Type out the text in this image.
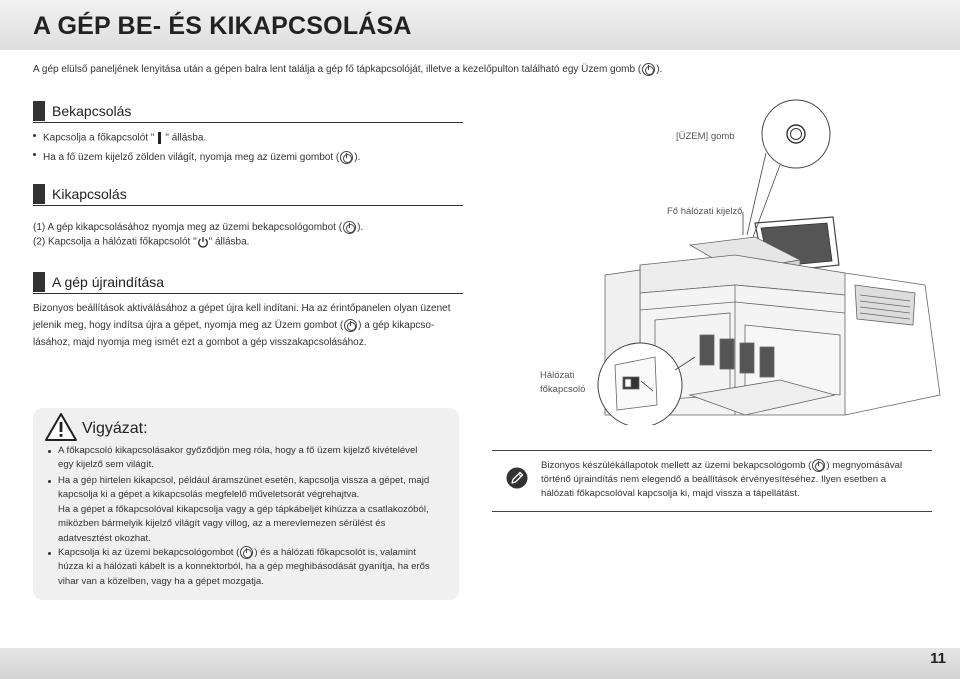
A GÉP BE- ÉS KIKAPCSOLÁSA
A gép elülső paneljének lenyitása után a gépen balra lent találja a gép fő tápkapcsolóját, illetve a kezelőpulton található egy Üzem gomb ( ).
Bekapcsolás
Kapcsolja a főkapcsolót " " állásba.
Ha a fő üzem kijelző zölden világít, nyomja meg az üzemi gombot ( ).
Kikapcsolás
(1) A gép kikapcsolásához nyomja meg az üzemi bekapcsológombot ( ).
(2) Kapcsolja a hálózati főkapcsolót " " állásba.
A gép újraindítása
Bizonyos beállítások aktiválásához a gépet újra kell indítani. Ha az érintőpanelen olyan üzenet
jelenik meg, hogy indítsa újra a gépet, nyomja meg az Üzem gombot ( ) a gép kikapcso-
lásához, majd nyomja meg ismét ezt a gombot a gép visszakapcsolásához.
[ÜZEM] gomb
Fő hálózati kijelző
Hálózati
főkapcsoló
Vigyázat:
A főkapcsoló kikapcsolásakor győződjön meg róla, hogy a fő üzem kijelző kivételével
egy kijelző sem világít.
Ha a gép hirtelen kikapcsol, például áramszünet esetén, kapcsolja vissza a gépet, majd
kapcsolja ki a gépet a kikapcsolás megfelelő műveletsorát végrehajtva.
Ha a gépet a főkapcsolóval kikapcsolja vagy a gép tápkábeljét kihúzza a csatlakozóból,
miközben bármelyik kijelző világít vagy villog, az a merevlemezen sérülést és
adatvesztést okozhat.
Kapcsolja ki az üzemi bekapcsológombot ( ) és a hálózati főkapcsolót is, valamint
húzza ki a hálózati kábelt is a konnektorból, ha a gép meghibásodását gyanítja, ha erős
vihar van a közelben, vagy ha a gépet mozgatja.
Bizonyos készülékállapotok mellett az üzemi bekapcsológomb ( ) megnyomásával
történő újraindítás nem elegendő a beállítások érvényesítéséhez. Ilyen esetben a
hálózati főkapcsolóval kapcsolja ki, majd vissza a tápellátást.
11
